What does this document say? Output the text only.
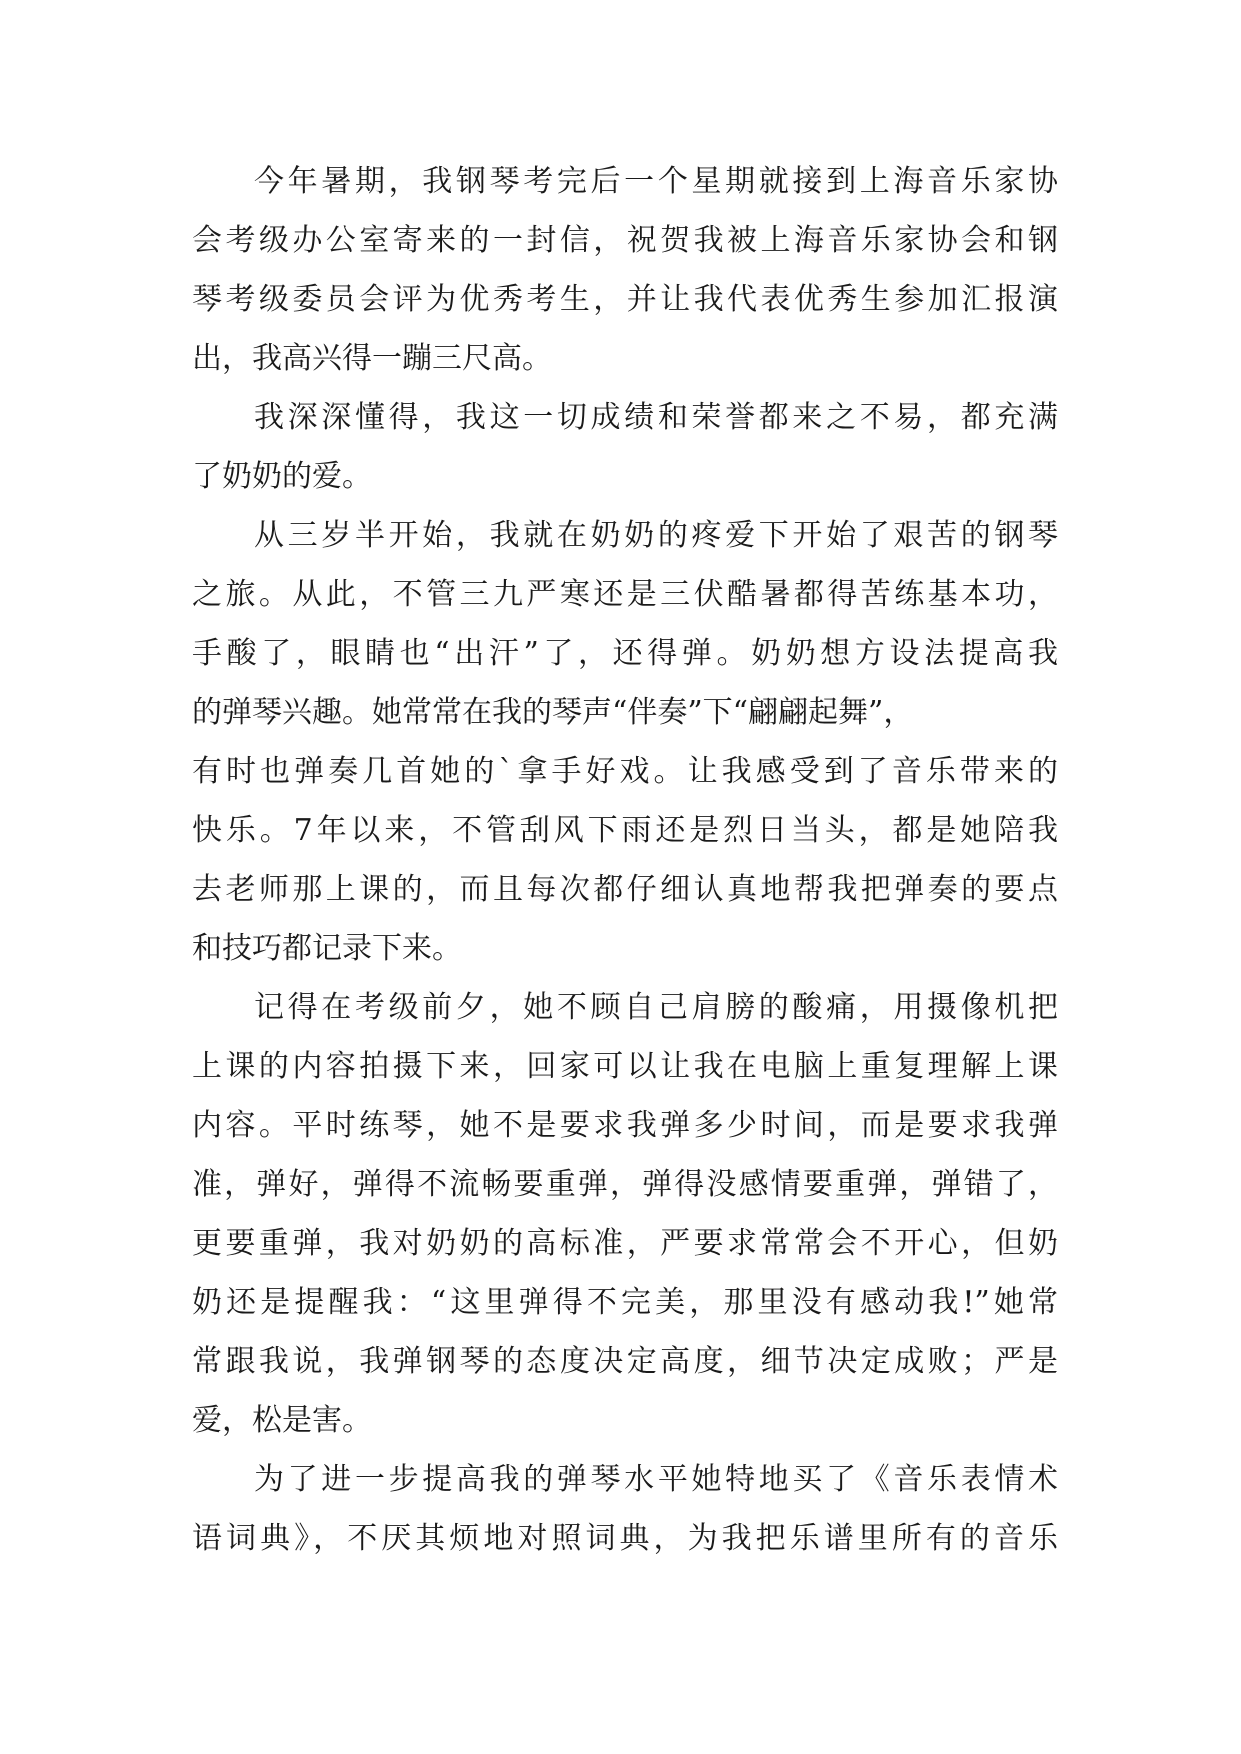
今年暑期，我钢琴考完后一个星期就接到上海音乐家协
会考级办公室寄来的一封信，祝贺我被上海音乐家协会和钢
琴考级委员会评为优秀考生，并让我代表优秀生参加汇报演
出，我高兴得一蹦三尺高。
我深深懂得，我这一切成绩和荣誉都来之不易，都充满
了奶奶的爱。
从三岁半开始，我就在奶奶的疼爱下开始了艰苦的钢琴
之旅。从此，不管三九严寒还是三伏酷暑都得苦练基本功，
手酸了，眼睛也“出汗”了，还得弹。奶奶想方设法提高我
的弹琴兴趣。她常常在我的琴声“伴奏”下“翩翩起舞”，
有时也弹奏几首她的`拿手好戏。让我感受到了音乐带来的
快乐。7年以来，不管刮风下雨还是烈日当头，都是她陪我
去老师那上课的，而且每次都仔细认真地帮我把弹奏的要点
和技巧都记录下来。
记得在考级前夕，她不顾自己肩膀的酸痛，用摄像机把
上课的内容拍摄下来，回家可以让我在电脑上重复理解上课
内容。平时练琴，她不是要求我弹多少时间，而是要求我弹
准，弹好，弹得不流畅要重弹，弹得没感情要重弹，弹错了，
更要重弹，我对奶奶的高标准，严要求常常会不开心，但奶
奶还是提醒我：“这里弹得不完美，那里没有感动我!”她常
常跟我说，我弹钢琴的态度决定高度，细节决定成败；严是
爱，松是害。
为了进一步提高我的弹琴水平她特地买了《音乐表情术
语词典》，不厌其烦地对照词典，为我把乐谱里所有的音乐
